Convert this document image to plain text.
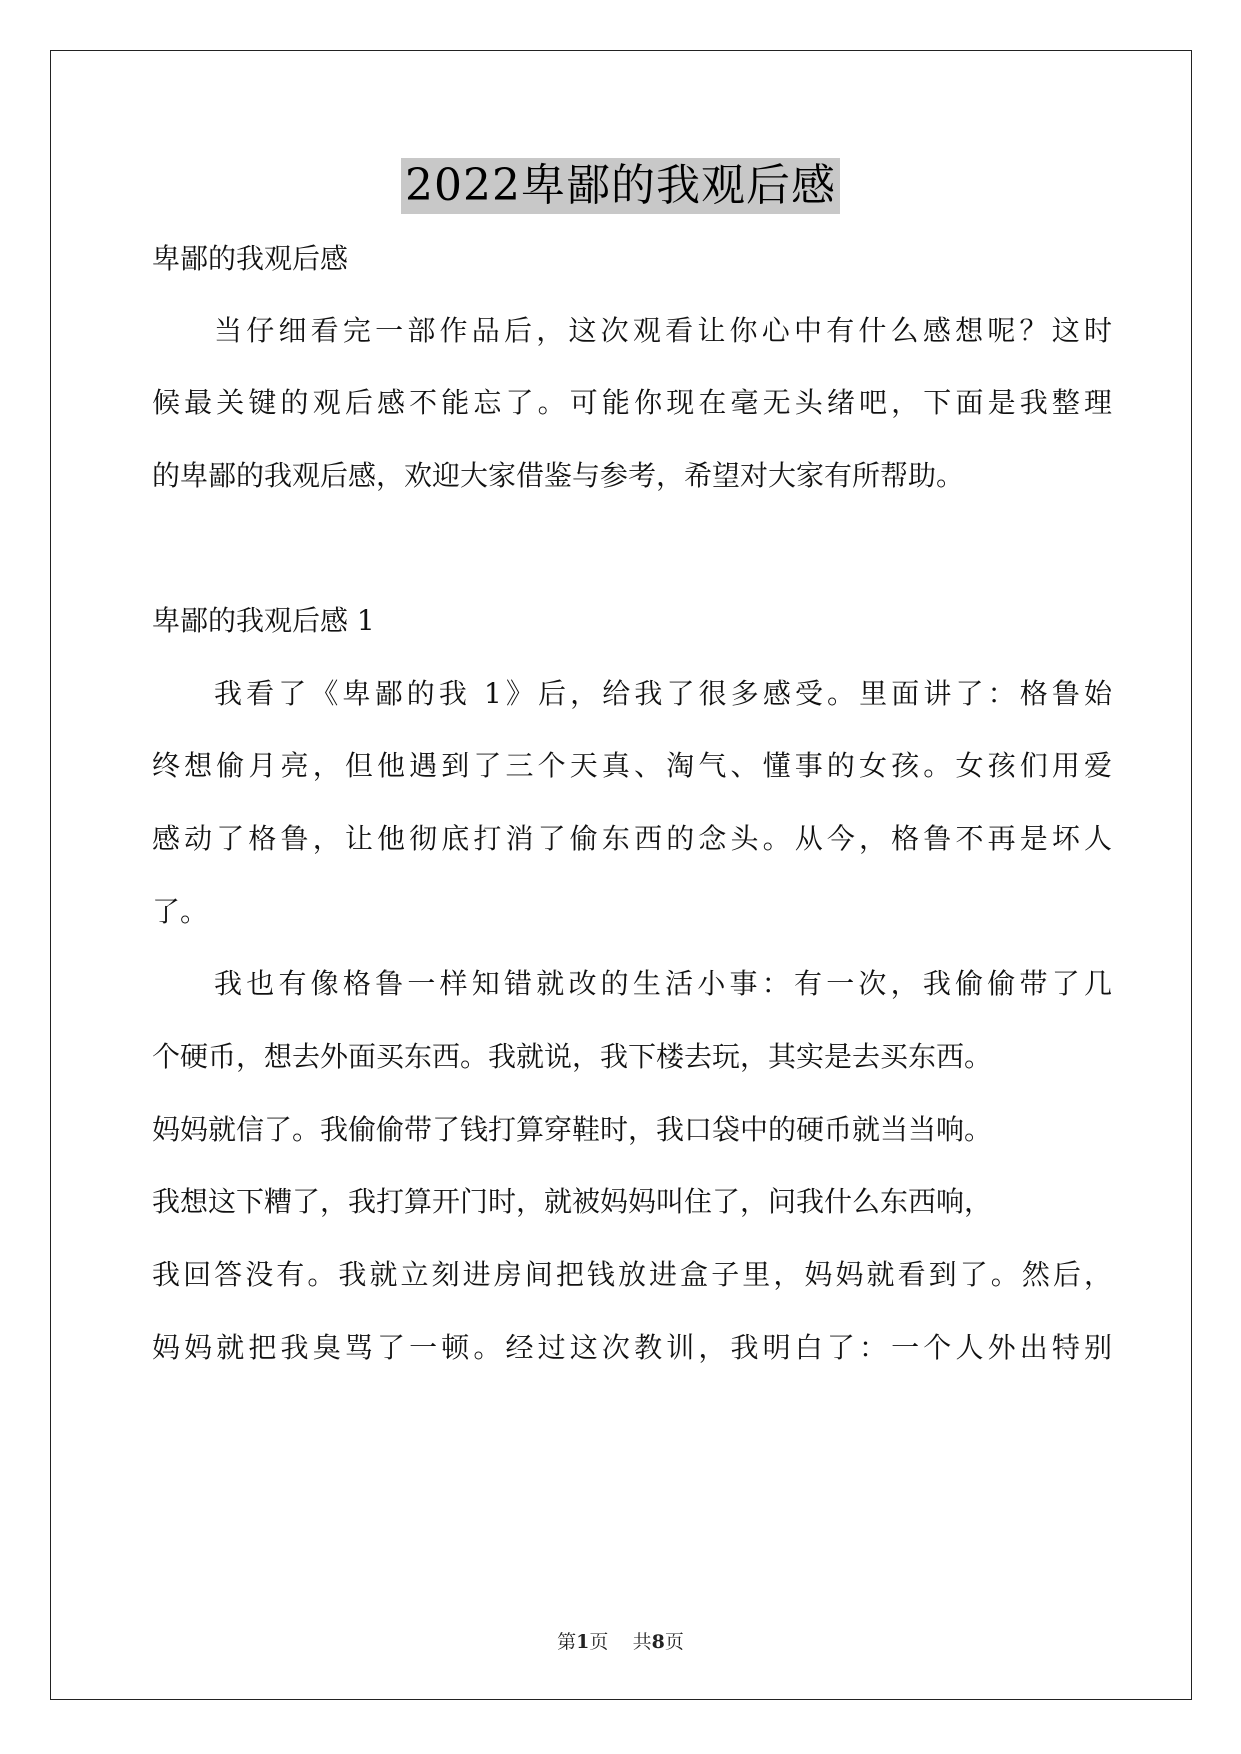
2022卑鄙的我观后感
卑鄙的我观后感
当仔细看完一部作品后，这次观看让你心中有什么感想呢？这时
候最关键的观后感不能忘了。可能你现在毫无头绪吧，下面是我整理
的卑鄙的我观后感，欢迎大家借鉴与参考，希望对大家有所帮助。
卑鄙的我观后感 1
我看了《卑鄙的我 1》后，给我了很多感受。里面讲了：格鲁始
终想偷月亮，但他遇到了三个天真、淘气、懂事的女孩。女孩们用爱
感动了格鲁，让他彻底打消了偷东西的念头。从今，格鲁不再是坏人
了。
我也有像格鲁一样知错就改的生活小事：有一次，我偷偷带了几
个硬币，想去外面买东西。我就说，我下楼去玩，其实是去买东西。
妈妈就信了。我偷偷带了钱打算穿鞋时，我口袋中的硬币就当当响。
我想这下糟了，我打算开门时，就被妈妈叫住了，问我什么东西响，
我回答没有。我就立刻进房间把钱放进盒子里，妈妈就看到了。然后，
妈妈就把我臭骂了一顿。经过这次教训，我明白了：一个人外出特别
第1页 共8页
